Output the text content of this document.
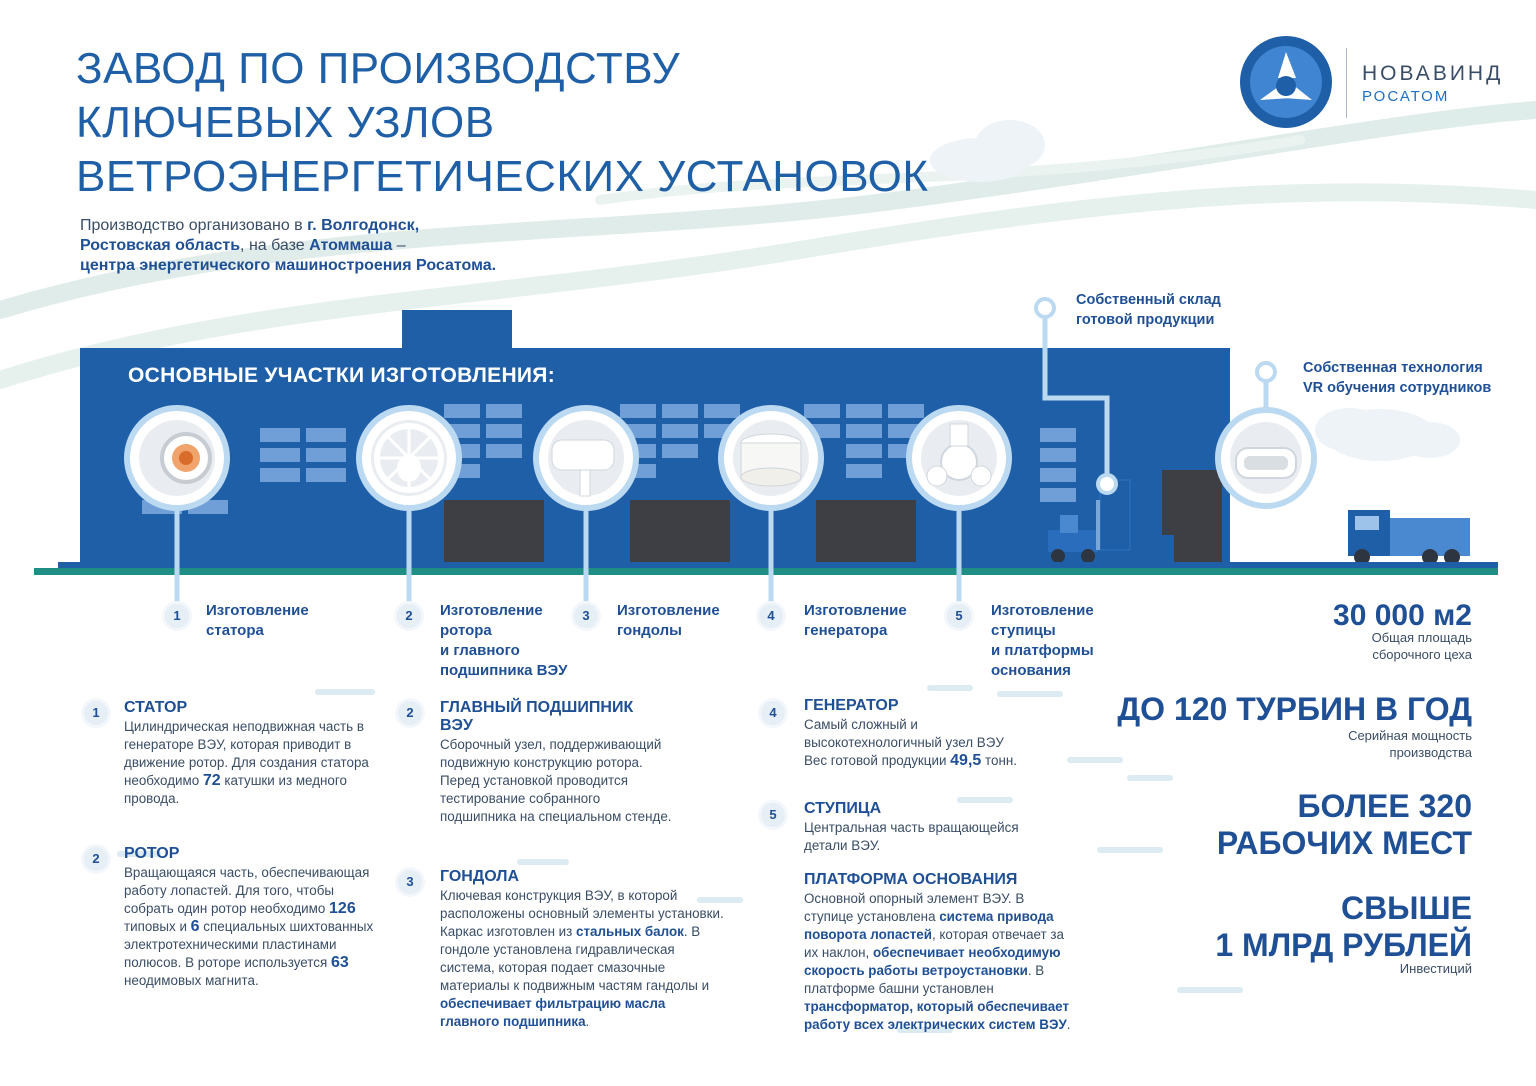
ЗАВОД ПО ПРОИЗВОДСТВУ
КЛЮЧЕВЫХ УЗЛОВ
ВЕТРОЭНЕРГЕТИЧЕСКИХ УСТАНОВОК
Производство организовано в г. Волгодонск,
Ростовская область, на базе Атоммаша –
центра энергетического машиностроения Росатома.
НОВАВИНД
РОСАТОМ
ОСНОВНЫЕ УЧАСТКИ ИЗГОТОВЛЕНИЯ:
Собственный склад
готовой продукции
Собственная технология
VR обучения сотрудников
1	Изготовление
статора
2	Изготовление
ротора
и главного
подшипника ВЭУ
3	Изготовление
гондолы
4	Изготовление
генератора
5	Изготовление
ступицы
и платформы
основания
1	СТАТОР
Цилиндрическая неподвижная часть в генераторе ВЭУ, которая приводит в движение ротор. Для создания статора необходимо 72 катушки из медного провода.
2	РОТОР
Вращающаяся часть, обеспечивающая работу лопастей. Для того, чтобы собрать один ротор необходимо 126 типовых и 6 специальных шихтованных электротехническими пластинами полюсов. В роторе используется 63 неодимовых магнита.
2	ГЛАВНЫЙ ПОДШИПНИК
ВЭУ
Сборочный узел, поддерживающий подвижную конструкцию ротора. Перед установкой проводится тестирование собранного подшипника на специальном стенде.
3	ГОНДОЛА
Ключевая конструкция ВЭУ, в которой расположены основный элементы установки.
Каркас изготовлен из стальных балок. В гондоле установлена гидравлическая система, которая подает смазочные материалы к подвижным частям гандолы и обеспечивает фильтрацию масла главного подшипника.
4	ГЕНЕРАТОР
Самый сложный и высокотехнологичный узел ВЭУ
Вес готовой продукции 49,5 тонн.
5	СТУПИЦА
Центральная часть вращающейся детали ВЭУ.
ПЛАТФОРМА ОСНОВАНИЯ
Основной опорный элемент ВЭУ. В ступице установлена система привода поворота лопастей, которая отвечает за их наклон, обеспечивает необходимую скорость работы ветроустановки. В платформе башни установлен трансформатор, который обеспечивает работу всех электрических систем ВЭУ.
30 000 м2
Общая площадь
сборочного цеха
ДО 120 ТУРБИН В ГОД
Серийная мощность
производства
БОЛЕЕ 320
РАБОЧИХ МЕСТ
СВЫШЕ
1 МЛРД РУБЛЕЙ
Инвестиций
